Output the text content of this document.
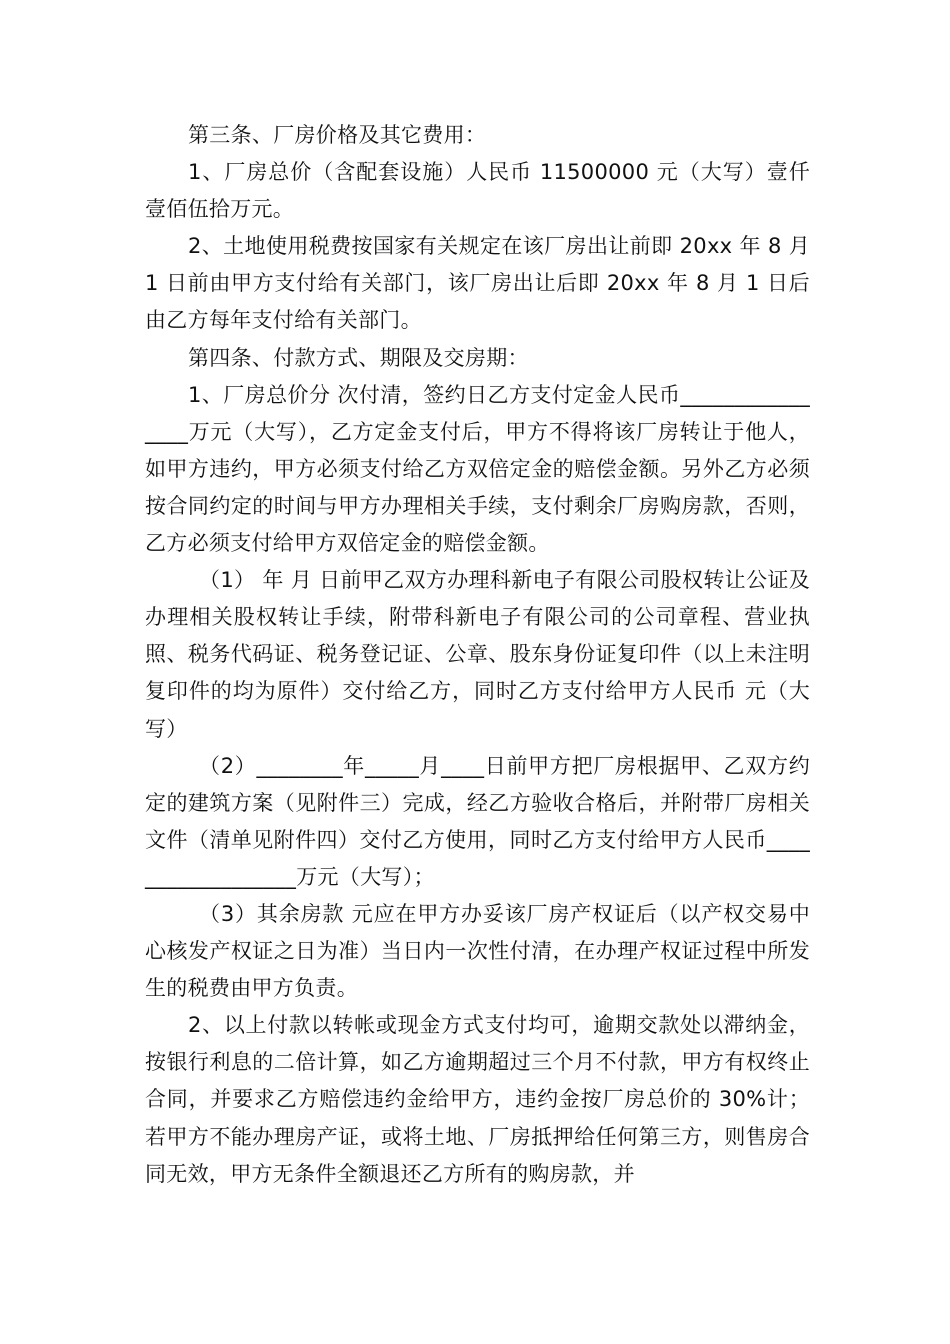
第三条、厂房价格及其它费用：

1、厂房总价（含配套设施）人民币 11500000 元（大写）壹仟壹佰伍拾万元。

2、土地使用税费按国家有关规定在该厂房出让前即 20xx 年 8 月 1 日前由甲方支付给有关部门，该厂房出让后即 20xx 年 8 月 1 日后由乙方每年支付给有关部门。

第四条、付款方式、期限及交房期：

1、厂房总价分 次付清，签约日乙方支付定金人民币________________万元（大写），乙方定金支付后，甲方不得将该厂房转让于他人，如甲方违约，甲方必须支付给乙方双倍定金的赔偿金额。另外乙方必须按合同约定的时间与甲方办理相关手续，支付剩余厂房购房款，否则，乙方必须支付给甲方双倍定金的赔偿金额。

（1） 年 月 日前甲乙双方办理科新电子有限公司股权转让公证及办理相关股权转让手续，附带科新电子有限公司的公司章程、营业执照、税务代码证、税务登记证、公章、股东身份证复印件（以上未注明复印件的均为原件）交付给乙方，同时乙方支付给甲方人民币 元（大写）

（2）________年_____月____日前甲方把厂房根据甲、乙双方约定的建筑方案（见附件三）完成，经乙方验收合格后，并附带厂房相关文件（清单见附件四）交付乙方使用，同时乙方支付给甲方人民币__________________万元（大写）；

（3）其余房款 元应在甲方办妥该厂房产权证后（以产权交易中心核发产权证之日为准）当日内一次性付清，在办理产权证过程中所发生的税费由甲方负责。

2、以上付款以转帐或现金方式支付均可，逾期交款处以滞纳金，按银行利息的二倍计算，如乙方逾期超过三个月不付款，甲方有权终止合同，并要求乙方赔偿违约金给甲方，违约金按厂房总价的 30%计；若甲方不能办理房产证，或将土地、厂房抵押给任何第三方，则售房合同无效，甲方无条件全额退还乙方所有的购房款，并
